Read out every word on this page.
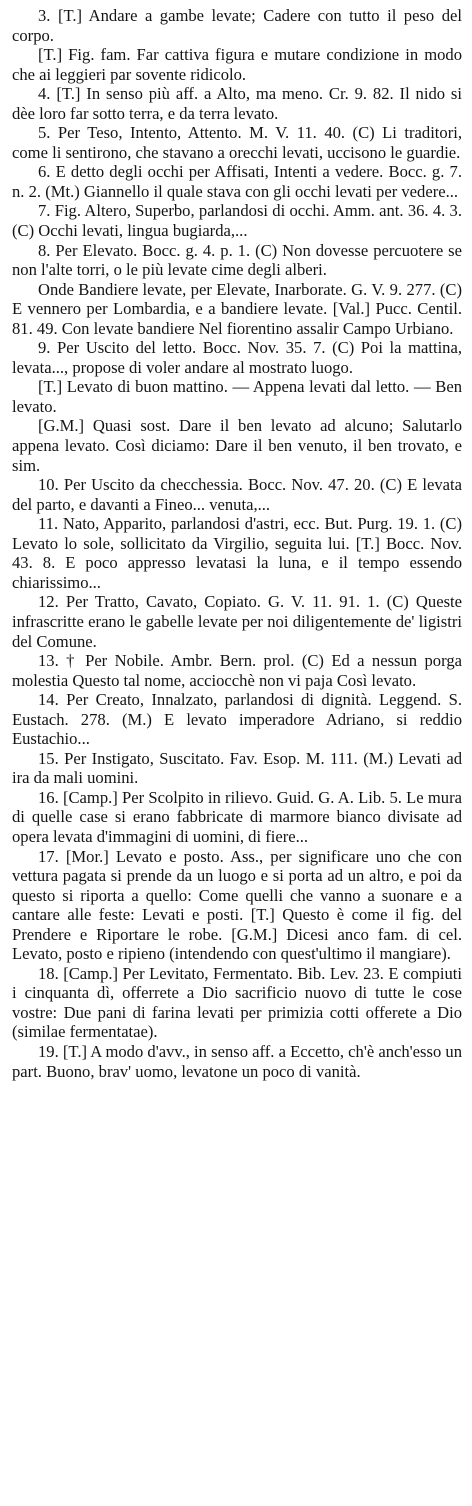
3. [T.] Andare a gambe levate; Cadere con tutto il peso del corpo.

[T.] Fig. fam. Far cattiva figura e mutare condizione in modo che ai leggieri par sovente ridicolo.

4. [T.] In senso più aff. a Alto, ma meno. Cr. 9. 82. Il nido si dèe loro far sotto terra, e da terra levato.

5. Per Teso, Intento, Attento. M. V. 11. 40. (C) Li traditori, come li sentirono, che stavano a orecchi levati, uccisono le guardie.

6. E detto degli occhi per Affisati, Intenti a vedere. Bocc. g. 7. n. 2. (Mt.) Giannello il quale stava con gli occhi levati per vedere...

7. Fig. Altero, Superbo, parlandosi di occhi. Amm. ant. 36. 4. 3. (C) Occhi levati, lingua bugiarda,...

8. Per Elevato. Bocc. g. 4. p. 1. (C) Non dovesse percuotere se non l'alte torri, o le più levate cime degli alberi.

Onde Bandiere levate, per Elevate, Inarborate. G. V. 9. 277. (C) E vennero per Lombardia, e a bandiere levate. [Val.] Pucc. Centil. 81. 49. Con levate bandiere Nel fiorentino assalir Campo Urbiano.

9. Per Uscito del letto. Bocc. Nov. 35. 7. (C) Poi la mattina, levata..., propose di voler andare al mostrato luogo.

[T.] Levato di buon mattino. — Appena levati dal letto. — Ben levato.

[G.M.] Quasi sost. Dare il ben levato ad alcuno; Salutarlo appena levato. Così diciamo: Dare il ben venuto, il ben trovato, e sim.

10. Per Uscito da checchessia. Bocc. Nov. 47. 20. (C) E levata del parto, e davanti a Fineo... venuta,...

11. Nato, Apparito, parlandosi d'astri, ecc. But. Purg. 19. 1. (C) Levato lo sole, sollicitato da Virgilio, seguita lui. [T.] Bocc. Nov. 43. 8. E poco appresso levatasi la luna, e il tempo essendo chiarissimo...

12. Per Tratto, Cavato, Copiato. G. V. 11. 91. 1. (C) Queste infrascritte erano le gabelle levate per noi diligentemente de' ligistri del Comune.

13. † Per Nobile. Ambr. Bern. prol. (C) Ed a nessun porga molestia Questo tal nome, acciocchè non vi paja Così levato.

14. Per Creato, Innalzato, parlandosi di dignità. Leggend. S. Eustach. 278. (M.) E levato imperadore Adriano, si reddio Eustachio...

15. Per Instigato, Suscitato. Fav. Esop. M. 111. (M.) Levati ad ira da mali uomini.

16. [Camp.] Per Scolpito in rilievo. Guid. G. A. Lib. 5. Le mura di quelle case si erano fabbricate di marmore bianco divisate ad opera levata d'immagini di uomini, di fiere...

17. [Mor.] Levato e posto. Ass., per significare uno che con vettura pagata si prende da un luogo e si porta ad un altro, e poi da questo si riporta a quello: Come quelli che vanno a suonare e a cantare alle feste: Levati e posti. [T.] Questo è come il fig. del Prendere e Riportare le robe. [G.M.] Dicesi anco fam. di cel. Levato, posto e ripieno (intendendo con quest'ultimo il mangiare).

18. [Camp.] Per Levitato, Fermentato. Bib. Lev. 23. E compiuti i cinquanta dì, offerrete a Dio sacrificio nuovo di tutte le cose vostre: Due pani di farina levati per primizia cotti offerete a Dio (similae fermentatae).

19. [T.] A modo d'avv., in senso aff. a Eccetto, ch'è anch'esso un part. Buono, brav' uomo, levatone un poco di vanità.
